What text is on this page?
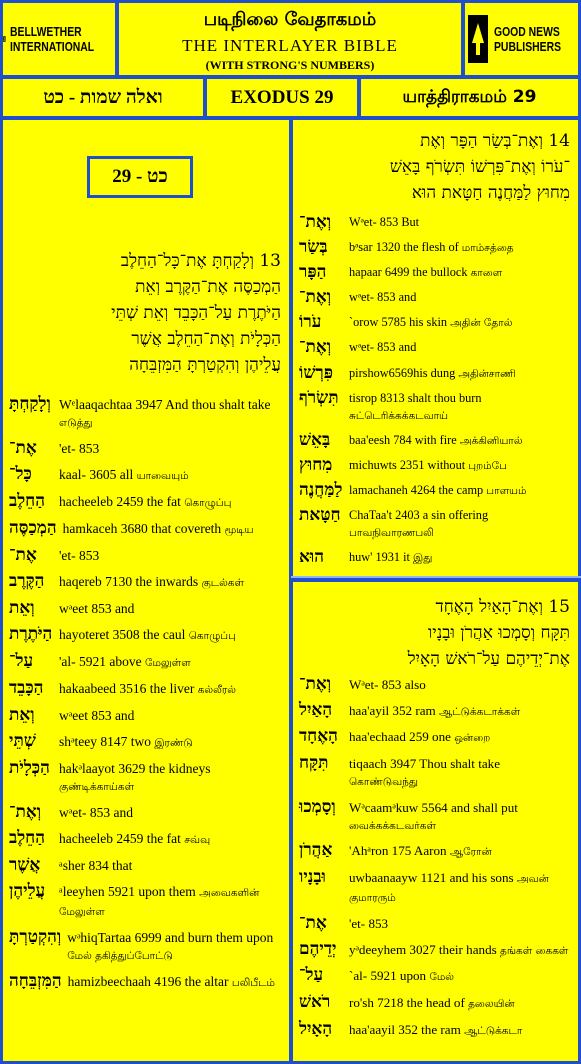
BELLWETHER
INTERNATIONAL
படிநிலை வேதாகமம்
THE INTERLAYER BIBLE
(WITH STRONG'S NUMBERS)
GOOD NEWS
PUBLISHERS
ואלה שמות - כט	EXODUS 29	யாத்திராகமம் 29
כט - 29
13 וְלָקַחְתָּ אֶת־כָּל־הַחֵלֶב
הַמְכַסֶּה אֶת־הַקֶּרֶב וְאֵת
הַיֹּתֶרֶת עַל־הַכָּבֵד וְאֵת שְׁתֵּי
הַכְּלָיֹת וְאֶת־הַחֵלֶב אֲשֶׁר
עֲלֵיהֶן וְהִקְטַרְתָּ הַמִּזְבֵּחָה
וְלָקַחְתָּ Wᵉlaaqachtaa 3947 And thou shalt take எடுத்து
אֶת־	'et- 853
כָּל־	kaal- 3605 all யாவையும்
הַחֵלֶב	hacheeleb 2459 the fat கொழுப்பு
הַמְכַסֶּה hamkaceh 3680 that covereth மூடிய
אֶת־	'et- 853
הַקֶּרֶב	haqereb 7130 the inwards குடல்கள்
וְאֵת	wᵊeet 853 and
הַיֹּתֶרֶת hayoteret 3508 the caul கொழுப்பு
עַל־	'al- 5921 above மேலுள்ள
הַכָּבֵד	hakaabeed 3516 the liver கல்லீரல்
וְאֵת	wᵊeet 853 and
שְׁתֵּי	shᵊteey 8147 two இரண்டு
הַכְּלָיֹת hakᵊlaayot 3629 the kidneys குண்டிக்காய்கள்
וְאֶת־	wᵊet- 853 and
הַחֵלֶב	hacheeleb 2459 the fat சவ்வு
אֲשֶׁר	ᵃsher 834 that
עֲלֵיהֶן	ᵃleeyhen 5921 upon them அவைகளின் மேலுள்ள
וְהִקְטַרְתָּ wᵊhiqTartaa 6999 and burn them upon மேல் தகித்துப்போட்டு
הַמִּזְבֵּחָה hamizbeechaah 4196 the altar பலிபீடம்
14 וְאֶת־בְּשַׂר הַפָּר וְאֶת
־עֹרוֹ וְאֶת־פִּרְשׁוֹ תִּשְׂרֹף בָּאֵשׁ
מִחוּץ לַמַּחֲנֶה חַטָּאת הוּא
וְאֶת־	Wᵊet- 853 But
בְּשַׂר	bᵊsar 1320 the flesh of மாம்சத்தை
הַפָּר	hapaar 6499 the bullock காளை
וְאֶת־	wᵊet- 853 and
עֹרוֹ	`orow 5785 his skin அதின் தோல்
וְאֶת־	wᵊet- 853 and
פִּרְשׁוֹ	pirshow6569his dung அதின்சாணி
תִּשְׂרֹף tisrop 8313 shalt thou burn சுட்டெரிக்கக்கடவாய்
בָּאֵשׁ	baa'eesh 784 with fire அக்கினியால்
מִחוּץ	michuwts 2351 without புறம்பே
לַמַּחֲנֶה lamachaneh 4264 the camp பாளயம்
חַטָּאת ChaTaa't 2403 a sin offering பாவநிவாரணபலி
הוּא	huw' 1931 it இது
15 וְאֶת־הָאַיִל הָאֶחָד
תִּקָּח וְסָמְכוּ אַהֲרֹן וּבָנָיו
אֶת־יְדֵיהֶם עַל־רֹאשׁ הָאָיִל
וְאֶת־	Wᵊet- 853 also
הָאַיִל	haa'ayil 352 ram ஆட்டுக்கடாக்கள்
הָאֶחָד haa'echaad 259 one ஒன்றை
תִּקָּח	tiqaach 3947 Thou shalt take கொண்டுவந்து
וְסָמְכוּ	Wᵊcaamᵊkuw 5564 and shall put வைக்கக்கடவர்கள்
אַהֲרֹן	'Ahᵃron 175 Aaron ஆரோன்
וּבָנָיו	uwbaanaayw 1121 and his sons அவன் குமாரரும்
אֶת־	'et- 853
יְדֵיהֶם yᵊdeeyhem 3027 their hands தங்கள் கைகள்
עַל־	`al- 5921 upon மேல்
רֹאשׁ	ro'sh 7218 the head of தலையின்
הָאָיִל	haa'aayil 352 the ram ஆட்டுக்கடா
